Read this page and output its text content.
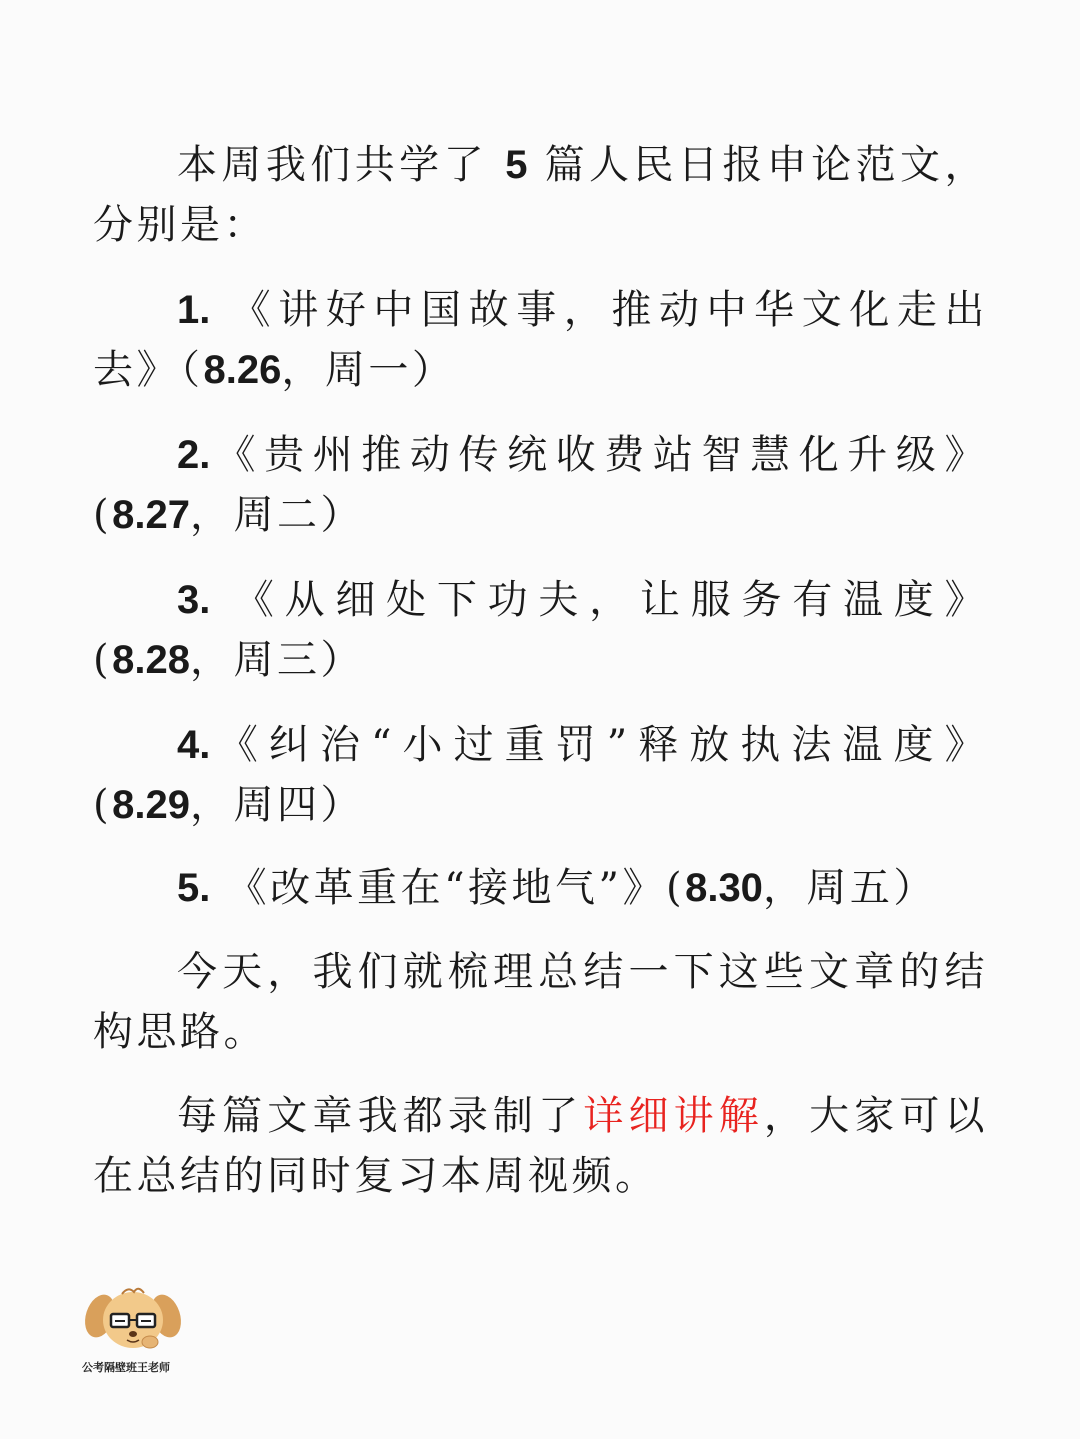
本周我们共学了 5 篇人民日报申论范文，分别是：

1. 《讲好中国故事，推动中华文化走出去》（8.26，周一）

2.《贵州推动传统收费站智慧化升级》(8.27，周二）

3. 《从细处下功夫，让服务有温度》(8.28，周三）

4.《纠治“小过重罚”释放执法温度》(8.29，周四）

5. 《改革重在“接地气”》(8.30，周五）

今天，我们就梳理总结一下这些文章的结构思路。

每篇文章我都录制了详细讲解，大家可以在总结的同时复习本周视频。

公考隔壁班王老师
